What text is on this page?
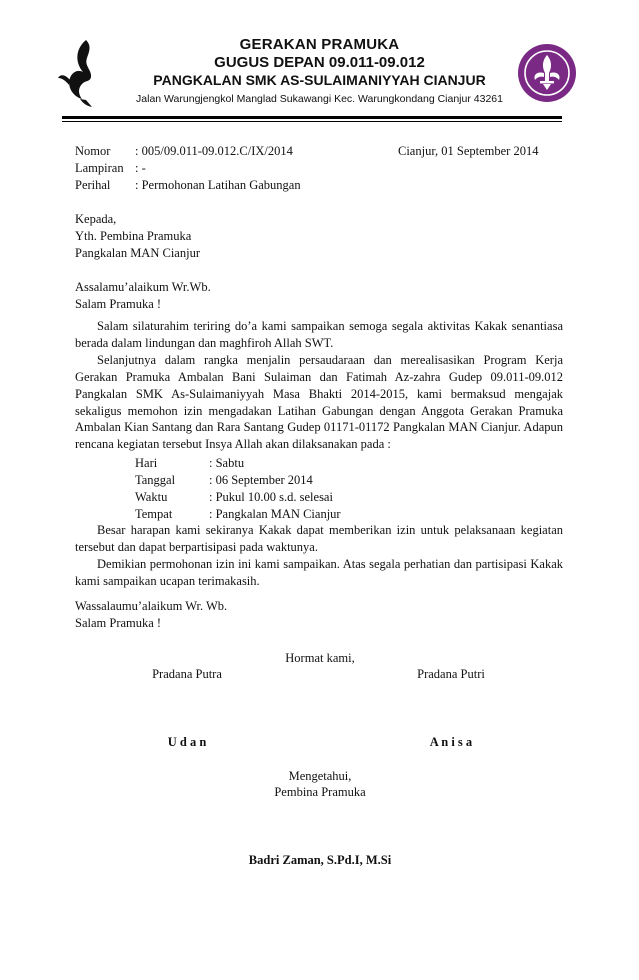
GERAKAN PRAMUKA
GUGUS DEPAN 09.011-09.012
PANGKALAN SMK AS-SULAIMANIYYAH CIANJUR
Jalan Warungjengkol Manglad Sukawangi Kec. Warungkondang Cianjur 43261
Nomor : 005/09.011-09.012.C/IX/2014	Cianjur, 01 September 2014
Lampiran : -
Perihal : Permohonan Latihan Gabungan
Kepada,
Yth. Pembina Pramuka
Pangkalan MAN Cianjur
Assalamu’alaikum Wr.Wb.
Salam Pramuka !

Salam silaturahim teriring do’a kami sampaikan semoga segala aktivitas Kakak senantiasa berada dalam lindungan dan maghfiroh Allah SWT.

Selanjutnya dalam rangka menjalin persaudaraan dan merealisasikan Program Kerja Gerakan Pramuka Ambalan Bani Sulaiman dan Fatimah Az-zahra Gudep 09.011-09.012 Pangkalan SMK As-Sulaimaniyyah Masa Bhakti 2014-2015, kami bermaksud mengajak sekaligus memohon izin mengadakan Latihan Gabungan dengan Anggota Gerakan Pramuka Ambalan Kian Santang dan Rara Santang Gudep 01171-01172 Pangkalan MAN Cianjur. Adapun rencana kegiatan tersebut Insya Allah akan dilaksanakan pada :

Hari	: Sabtu
Tanggal	: 06 September 2014
Waktu	: Pukul 10.00 s.d. selesai
Tempat	: Pangkalan MAN Cianjur

Besar harapan kami sekiranya Kakak dapat memberikan izin untuk pelaksanaan kegiatan tersebut dan dapat berpartisipasi pada waktunya.

Demikian permohonan izin ini kami sampaikan. Atas segala perhatian dan partisipasi Kakak kami sampaikan ucapan terimakasih.

Wassalaumu’alaikum Wr. Wb.
Salam Pramuka !
Hormat kami,
Pradana Putra	Pradana Putri
U d a n	A n i s a
Mengetahui,
Pembina Pramuka
Badri Zaman, S.Pd.I, M.Si
